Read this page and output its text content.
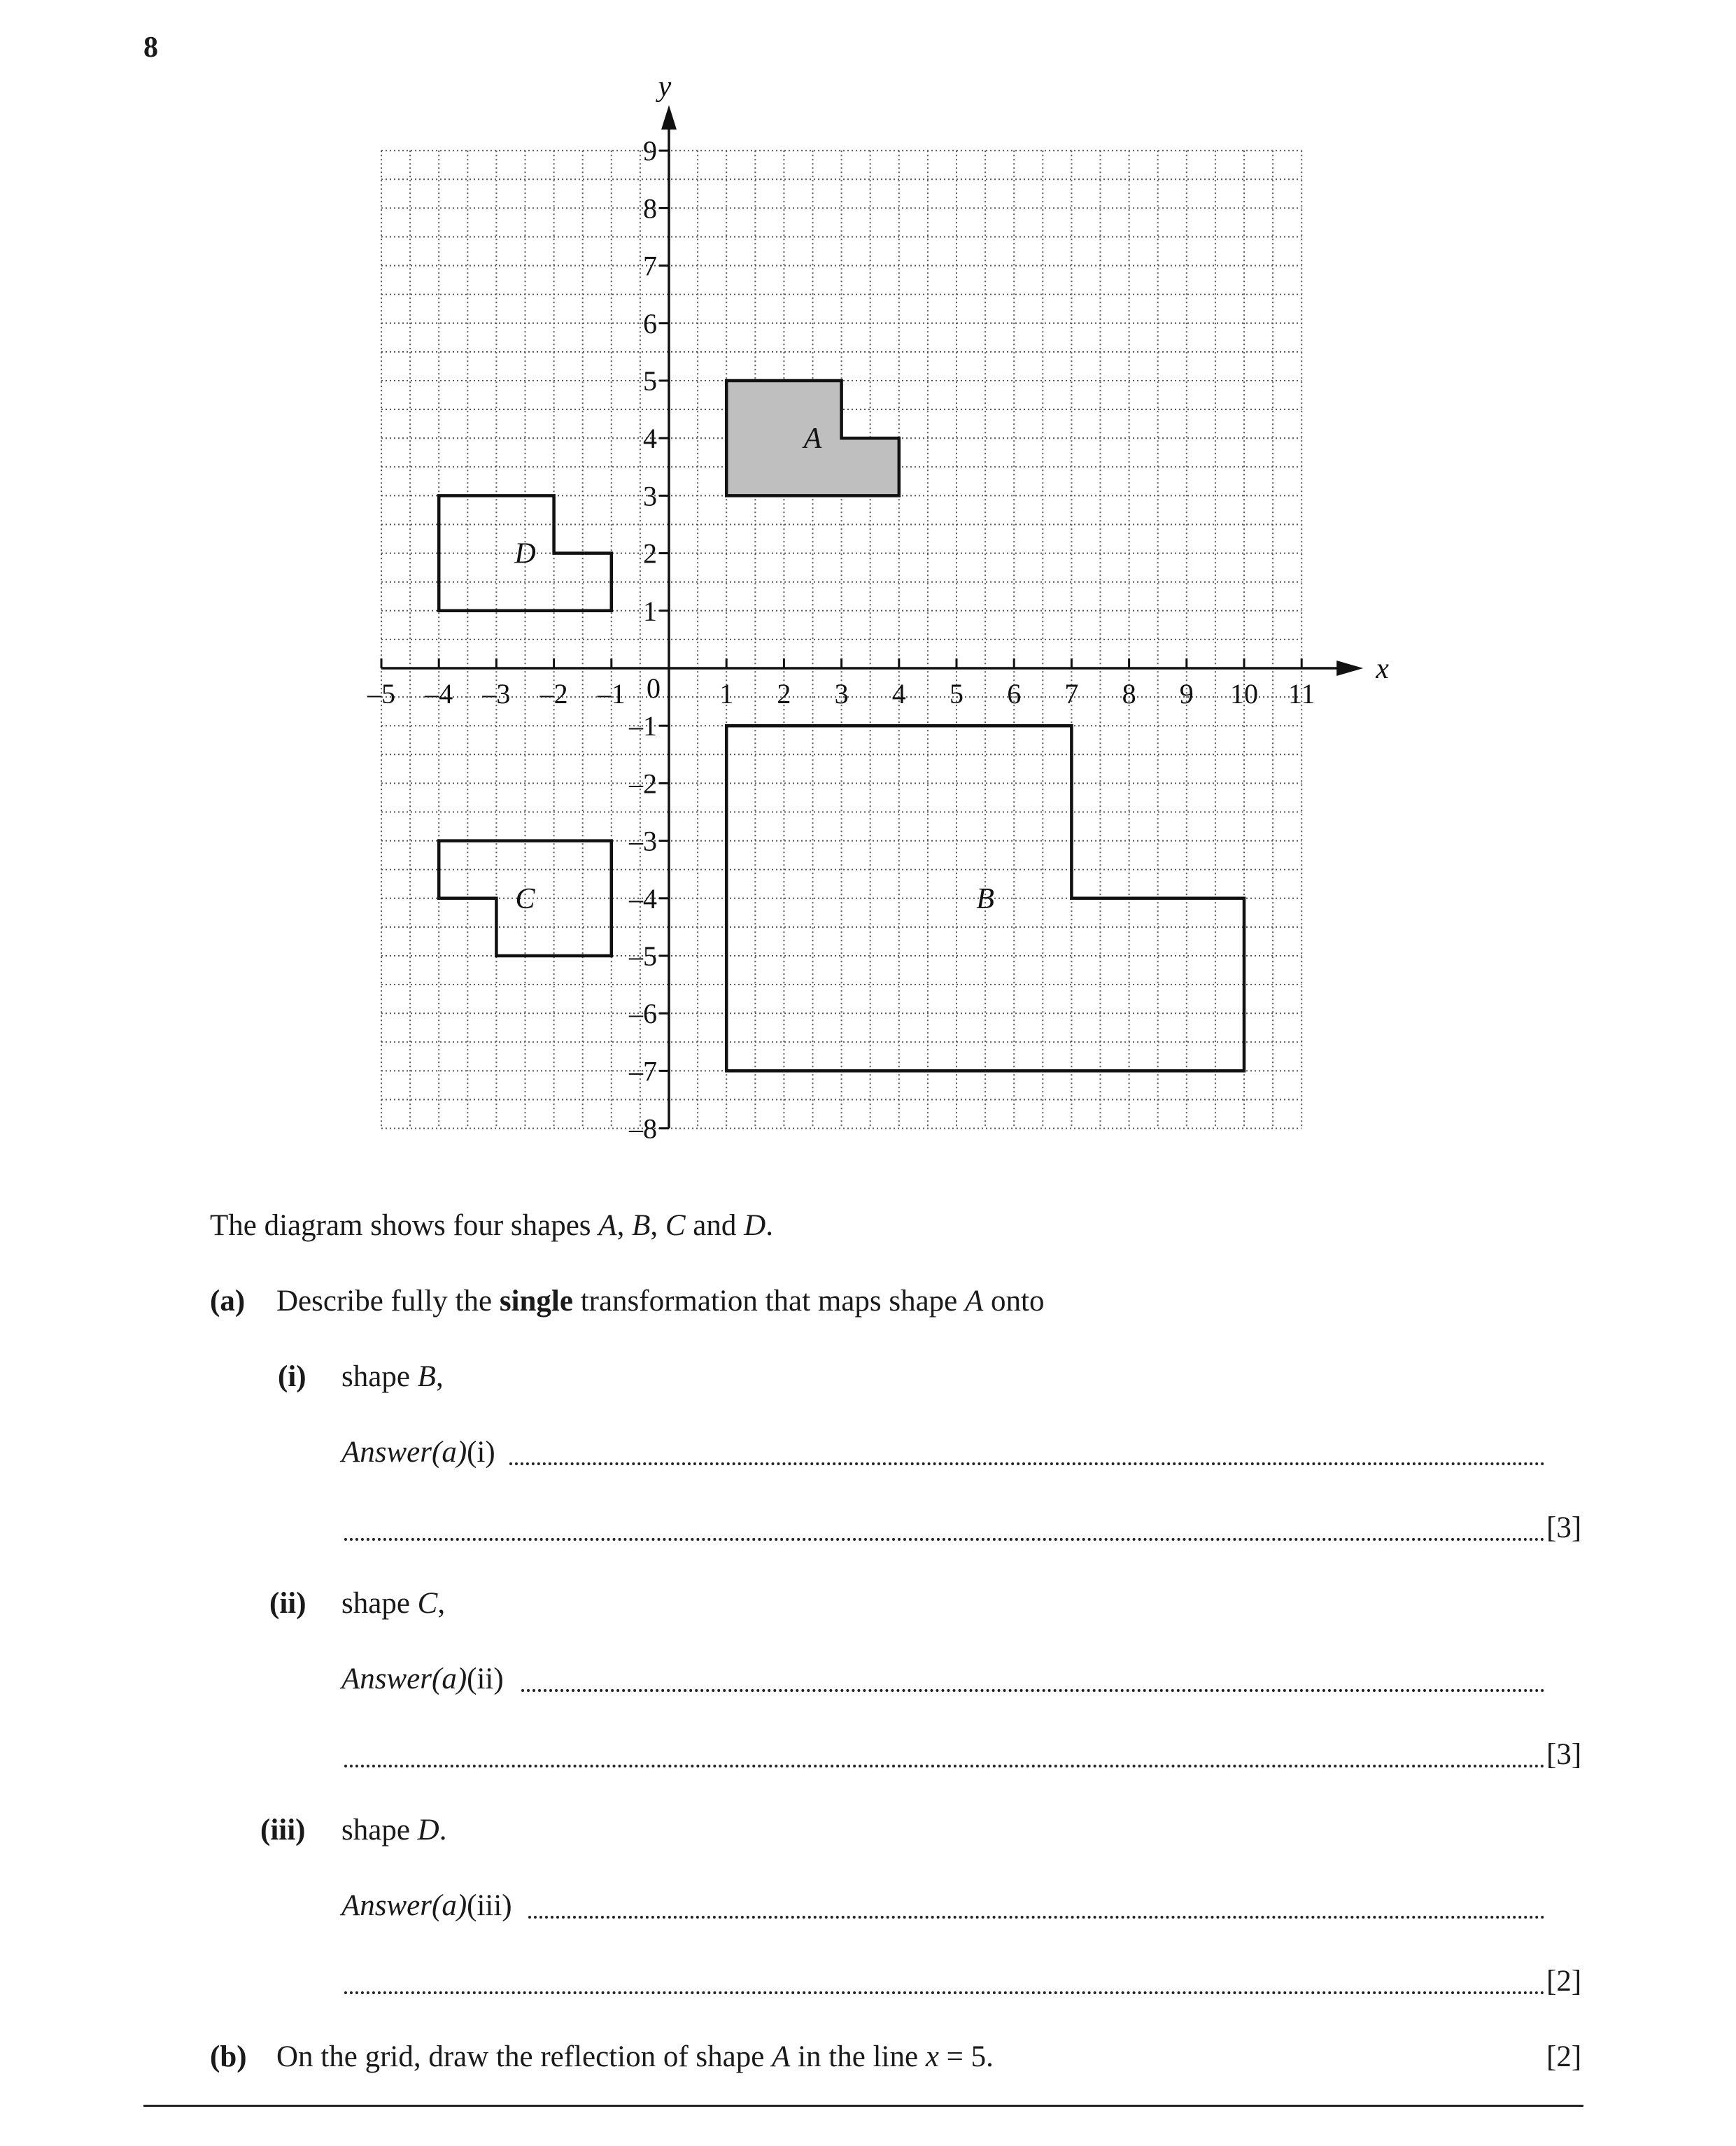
8
A
B
C
D
x
y
0
–5 –4 –3 –2 –1	1 2 3 4 5 6 7 8 9 10 11
9
8
7
6
5
4
3
2
1
–1
–2
–3
–4
–5
–6
–7
–8
The diagram shows four shapes A, B, C and D.
(a) Describe fully the single transformation that maps shape A onto
(i) shape B,
Answer(a)(i)
[3]
(ii) shape C,
Answer(a)(ii)
[3]
(iii) shape D.
Answer(a)(iii)
[2]
(b) On the grid, draw the reflection of shape A in the line x = 5.	[2]
